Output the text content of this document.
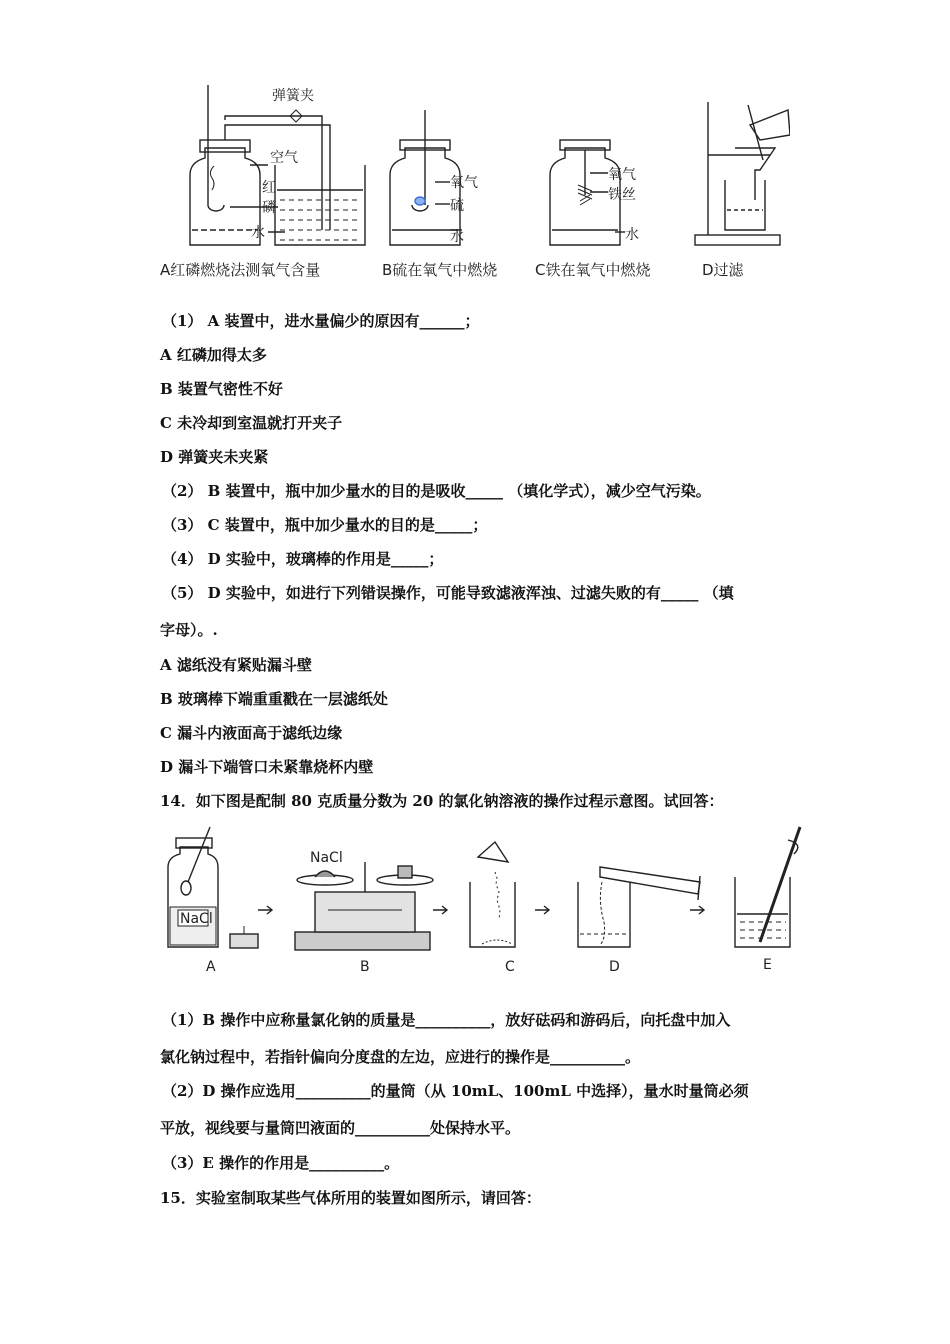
弹簧夹
空气
红
磷
水
氧气
硫
水
氧气
铁丝
水
A红磷燃烧法测氧气含量	B硫在氧气中燃烧	C铁在氧气中燃烧	D过滤
（1） A 装置中，进水量偏少的原因有______；
A 红磷加得太多
B 装置气密性不好
C 未冷却到室温就打开夹子
D 弹簧夹未夹紧
（2） B 装置中，瓶中加少量水的目的是吸收_____ （填化学式），减少空气污染。
（3） C 装置中，瓶中加少量水的目的是_____；
（4） D 实验中，玻璃棒的作用是_____；
（5） D 实验中，如进行下列错误操作，可能导致滤液浑浊、过滤失败的有_____ （填
字母）。.
A 滤纸没有紧贴漏斗壁
B 玻璃棒下端重重戳在一层滤纸处
C 漏斗内液面高于滤纸边缘
D 漏斗下端管口未紧靠烧杯内壁
14．如下图是配制 80 克质量分数为 20 的氯化钠溶液的操作过程示意图。试回答：
NaCl
NaCl
A	B	C	D	E
（1）B 操作中应称量氯化钠的质量是__________，放好砝码和游码后，向托盘中加入
氯化钠过程中，若指针偏向分度盘的左边，应进行的操作是__________。
（2）D 操作应选用__________的量筒（从 10mL、100mL 中选择），量水时量筒必须
平放，视线要与量筒凹液面的__________处保持水平。
（3）E 操作的作用是__________。
15．实验室制取某些气体所用的装置如图所示，请回答：
